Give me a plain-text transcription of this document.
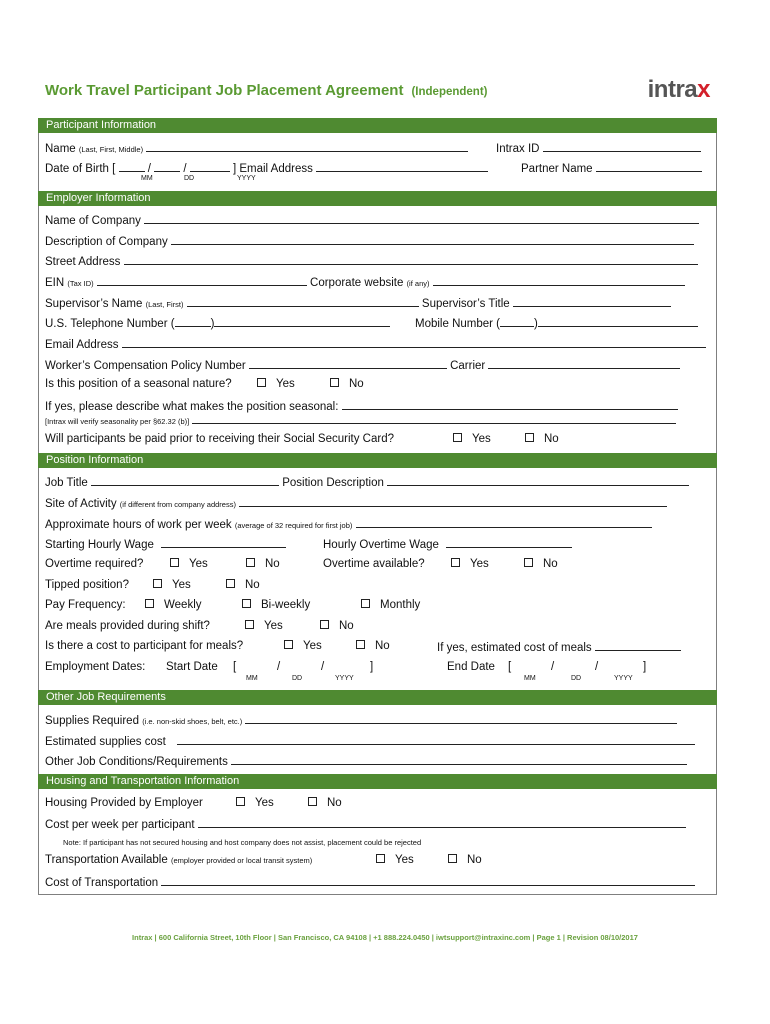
Work Travel Participant Job Placement Agreement (Independent)	intrax
Participant Information
Name (Last, First, Middle)	Intrax ID
Date of Birth [	/	/	] Email Address	Partner Name
MM	DD	YYYY
Employer Information
Name of Company
Description of Company
Street Address
EIN (Tax ID)	Corporate website (if any)
Supervisor’s Name (Last, First)	Supervisor’s Title
U.S. Telephone Number (	)	Mobile Number (	)
Email Address
Worker’s Compensation Policy Number	Carrier
Is this position of a seasonal nature?	Yes	No
If yes, please describe what makes the position seasonal:
[Intrax will verify seasonality per §62.32 (b)]
Will participants be paid prior to receiving their Social Security Card?	Yes	No
Position Information
Job Title	Position Description
Site of Activity (if different from company address)
Approximate hours of work per week (average of 32 required for first job)
Starting Hourly Wage	Hourly Overtime Wage
Overtime required?	Yes	No	Overtime available?	Yes	No
Tipped position?	Yes	No
Pay Frequency:	Weekly	Bi-weekly	Monthly
Are meals provided during shift?	Yes	No
Is there a cost to participant for meals?	Yes	No	If yes, estimated cost of meals
Employment Dates: Start Date [	/	/	]	End Date [	/	/	]
MM	DD	YYYY	MM	DD	YYYY
Other Job Requirements
Supplies Required (i.e. non-skid shoes, belt, etc.)
Estimated supplies cost
Other Job Conditions/Requirements
Housing and Transportation Information
Housing Provided by Employer	Yes	No
Cost per week per participant
Note: If participant has not secured housing and host company does not assist, placement could be rejected
Transportation Available (employer provided or local transit system)	Yes	No
Cost of Transportation
Intrax | 600 California Street, 10th Floor | San Francisco, CA 94108 | +1 888.224.0450 | iwtsupport@intraxinc.com | Page 1 | Revision 08/10/2017
